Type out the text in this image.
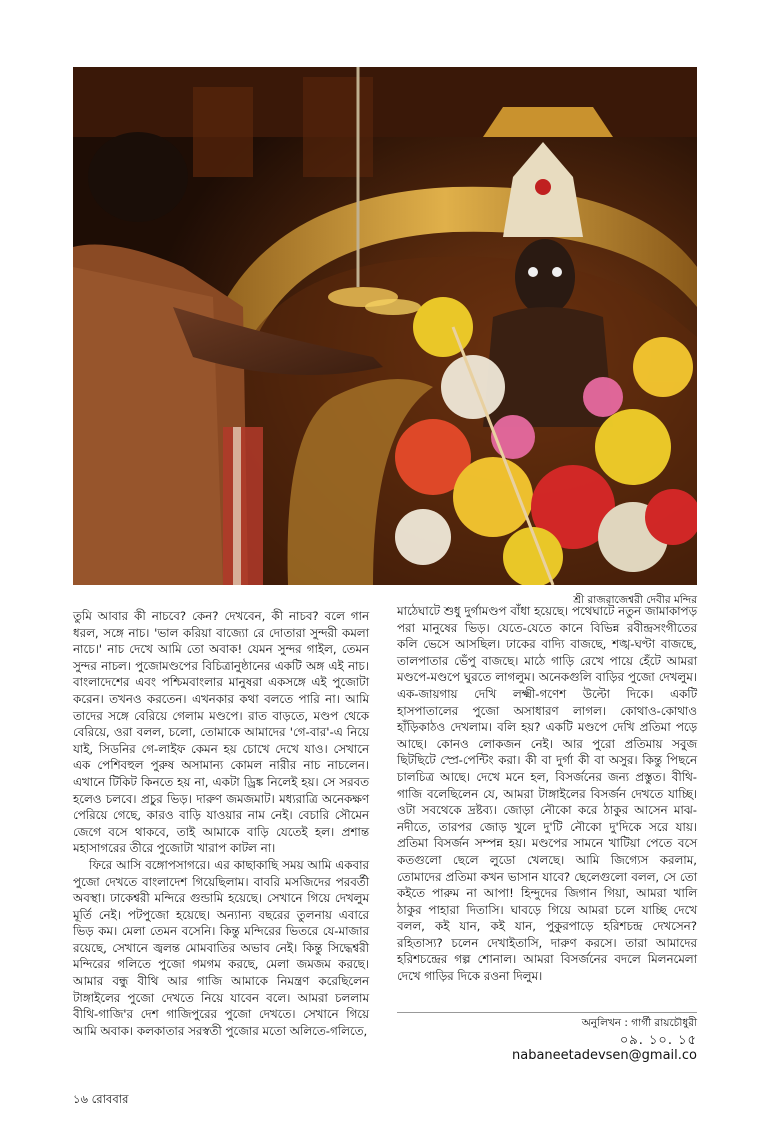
শ্রী রাজরাজেশ্বরী দেবীর মন্দির

তুমি আবার কী নাচবে? কেন? দেখবেন, কী নাচব? বলে গান ধরল, সঙ্গে নাচ। 'ভাল করিয়া বাজ্যো রে দোতারা সুন্দরী কমলা নাচে।' নাচ দেখে আমি তো অবাক! যেমন সুন্দর গাইল, তেমন সুন্দর নাচল। পুজোমণ্ডপের বিচিত্রানুষ্ঠানের একটি অঙ্গ এই নাচ। বাংলাদেশের এবং পশ্চিমবাংলার মানুষরা একসঙ্গে এই পুজোটা করেন। তখনও করতেন। এখনকার কথা বলতে পারি না। আমি তাদের সঙ্গে বেরিয়ে গেলাম মণ্ডপে। রাত বাড়তে, মণ্ডপ থেকে বেরিয়ে, ওরা বলল, চলো, তোমাকে আমাদের 'গে-বার'-এ নিয়ে যাই, সিডনির গে-লাইফ কেমন হয় চোখে দেখে যাও। সেখানে এক পেশিবহুল পুরুষ অসামান্য কোমল নারীর নাচ নাচলেন। এখানে টিকিট কিনতে হয় না, একটা ড্রিঙ্ক নিলেই হয়। সে সরবত হলেও চলবে। প্রচুর ভিড়। দারুণ জমজমাট। মধ্যরাত্রি অনেকক্ষণ পেরিয়ে গেছে, কারও বাড়ি যাওয়ার নাম নেই। বেচারি সৌমেন জেগে বসে থাকবে, তাই আমাকে বাড়ি যেতেই হল। প্রশান্ত মহাসাগরের তীরে পুজোটা খারাপ কাটল না।

ফিরে আসি বঙ্গোপসাগরে। এর কাছাকাছি সময় আমি একবার পুজো দেখতে বাংলাদেশ গিয়েছিলাম। বাবরি মসজিদের পরবর্তী অবস্থা। ঢাকেশ্বরী মন্দিরে গুন্ডামি হয়েছে। সেখানে গিয়ে দেখলুম মূর্তি নেই। পটপুজো হয়েছে। অন্যান্য বছরের তুলনায় এবারে ভিড় কম। মেলা তেমন বসেনি। কিন্তু মন্দিরের ভিতরে যে-মাজার রয়েছে, সেখানে জ্বলন্ত মোমবাতির অভাব নেই। কিন্তু সিদ্ধেশ্বরী মন্দিরের গলিতে পুজো গমগম করছে, মেলা জমজম করছে। আমার বন্ধু বীথি আর গাজি আমাকে নিমন্ত্রণ করেছিলেন টাঙ্গাইলের পুজো দেখতে নিয়ে যাবেন বলে। আমরা চললাম বীথি-গাজি'র দেশ গাজিপুরের পুজো দেখতে। সেখানে গিয়ে আমি অবাক। কলকাতার সরস্বতী পুজোর মতো অলিতে-গলিতে,

মাঠেঘাটে শুধু দুর্গামণ্ডপ বাঁধা হয়েছে। পথেঘাটে নতুন জামাকাপড় পরা মানুষের ভিড়। যেতে-যেতে কানে বিভিন্ন রবীন্দ্রসংগীতের কলি ভেসে আসছিল। ঢাকের বাদ্যি বাজছে, শঙ্খ-ঘণ্টা বাজছে, তালপাতার ভেঁপু বাজছে। মাঠে গাড়ি রেখে পায়ে হেঁটে আমরা মণ্ডপে-মণ্ডপে ঘুরতে লাগলুম। অনেকগুলি বাড়ির পুজো দেখলুম। এক-জায়গায় দেখি লক্ষ্মী-গণেশ উল্টো দিকে। একটি হাসপাতালের পুজো অসাধারণ লাগল। কোথাও-কোথাও হাঁড়িকাঠও দেখলাম। বলি হয়? একটি মণ্ডপে দেখি প্রতিমা পড়ে আছে। কোনও লোকজন নেই। আর পুরো প্রতিমায় সবুজ ছিটছিটে স্প্রে-পেন্টিং করা। কী বা দুর্গা কী বা অসুর। কিন্তু পিছনে চালচিত্র আছে। দেখে মনে হল, বিসর্জনের জন্য প্রস্তুত। বীথি-গাজি বলেছিলেন যে, আমরা টাঙ্গাইলের বিসর্জন দেখতে যাচ্ছি। ওটা সবথেকে দ্রষ্টব্য। জোড়া নৌকো করে ঠাকুর আসেন মাঝ-নদীতে, তারপর জোড় খুলে দু'টি নৌকো দু'দিকে সরে যায়। প্রতিমা বিসর্জন সম্পন্ন হয়। মণ্ডপের সামনে খাটিয়া পেতে বসে কতগুলো ছেলে লুডো খেলছে। আমি জিগ্যেস করলাম, তোমাদের প্রতিমা কখন ভাসান যাবে? ছেলেগুলো বলল, সে তো কইতে পারুম না আপা! হিন্দুদের জিগান গিয়া, আমরা খালি ঠাকুর পাহারা দিতাসি। ঘাবড়ে গিয়ে আমরা চলে যাচ্ছি দেখে বলল, কই যান, কই যান, পুকুরপাড়ে হরিশচন্দ্র দেখসেন? রহিতাস্য? চলেন দেখাইতাসি, দারুণ করসে। তারা আমাদের হরিশচন্দ্রের গল্প শোনাল। আমরা বিসর্জনের বদলে মিলনমেলা দেখে গাড়ির দিকে রওনা দিলুম।

অনুলিখন : গার্গী রায়চৌধুরী
০৯. ১০. ১৫
nabaneetadevsen@gmail.co
১৬ রোববার
